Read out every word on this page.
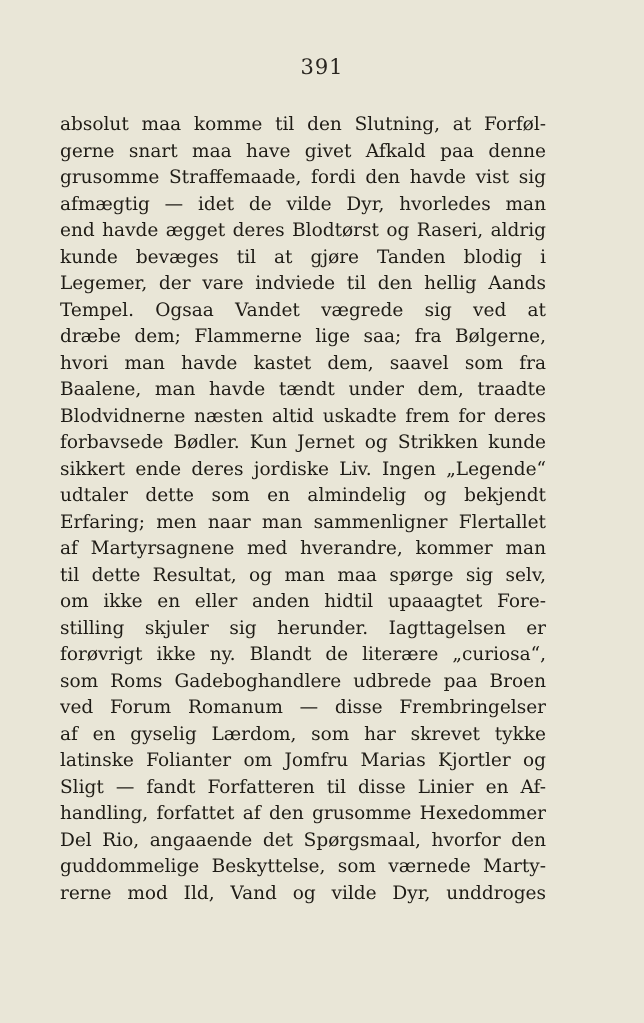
391
absolut maa komme til den Slutning, at Forføl-
gerne snart maa have givet Afkald paa denne
grusomme Straffemaade, fordi den havde vist sig
afmægtig — idet de vilde Dyr, hvorledes man
end havde ægget deres Blodtørst og Raseri, aldrig
kunde bevæges til at gjøre Tanden blodig i
Legemer, der vare indviede til den hellig Aands
Tempel. Ogsaa Vandet vægrede sig ved at
dræbe dem; Flammerne lige saa; fra Bølgerne,
hvori man havde kastet dem, saavel som fra
Baalene, man havde tændt under dem, traadte
Blodvidnerne næsten altid uskadte frem for deres
forbavsede Bødler. Kun Jernet og Strikken kunde
sikkert ende deres jordiske Liv. Ingen „Legende“
udtaler dette som en almindelig og bekjendt
Erfaring; men naar man sammenligner Flertallet
af Martyrsagnene med hverandre, kommer man
til dette Resultat, og man maa spørge sig selv,
om ikke en eller anden hidtil upaaagtet Fore-
stilling skjuler sig herunder. Iagttagelsen er
forøvrigt ikke ny. Blandt de literære „curiosa“,
som Roms Gadeboghandlere udbrede paa Broen
ved Forum Romanum — disse Frembringelser
af en gyselig Lærdom, som har skrevet tykke
latinske Folianter om Jomfru Marias Kjortler og
Sligt — fandt Forfatteren til disse Linier en Af-
handling, forfattet af den grusomme Hexedommer
Del Rio, angaaende det Spørgsmaal, hvorfor den
guddommelige Beskyttelse, som værnede Marty-
rerne mod Ild, Vand og vilde Dyr, unddroges
